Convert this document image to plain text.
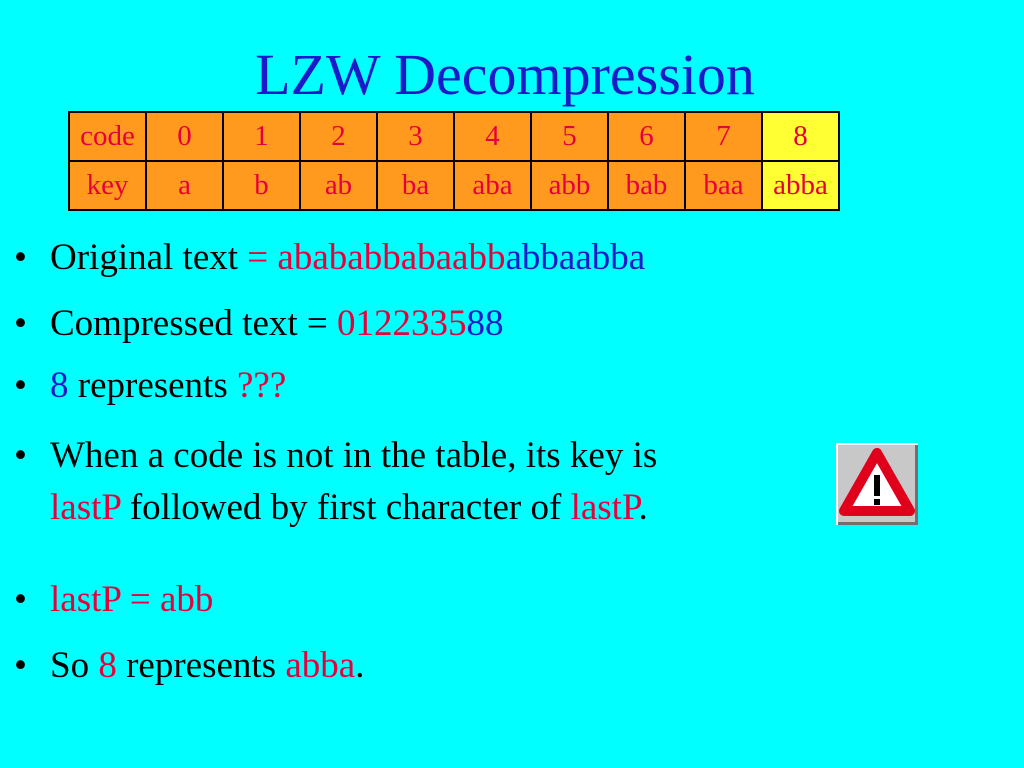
LZW Decompression
code	0	1	2	3	4	5	6	7	8
key	a	b	ab	ba	aba	abb	bab	baa	abba
• Original text = abababbabaabbabbaabba
• Compressed text = 012233588
• 8 represents ???
• When a code is not in the table, its key is
lastP followed by first character of lastP.
• lastP = abb
• So 8 represents abba.
